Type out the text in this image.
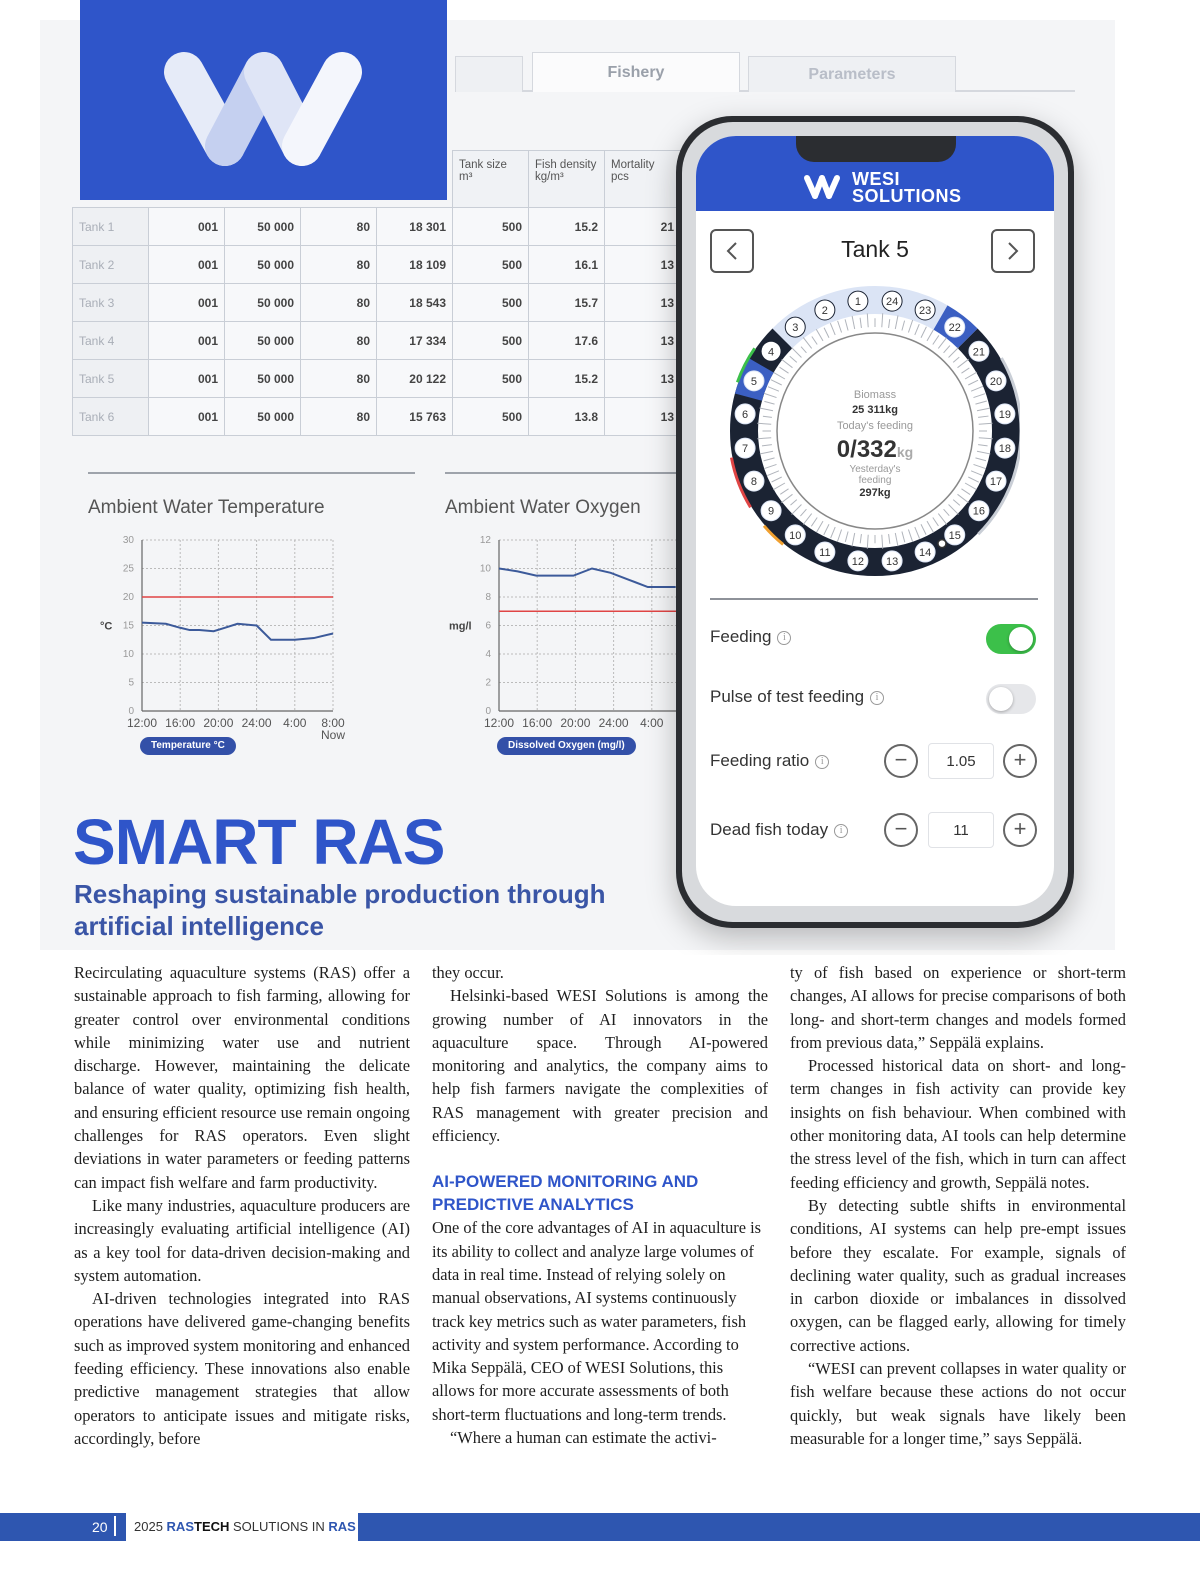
Fishery	Parameters
					Tank size m³	Fish density kg/m³	Mortality pcs
Tank 1	001	50 000	80	18 301	500	15.2	21
Tank 2	001	50 000	80	18 109	500	16.1	13
Tank 3	001	50 000	80	18 543	500	15.7	13
Tank 4	001	50 000	80	17 334	500	17.6	13
Tank 5	001	50 000	80	20 122	500	15.2	13
Tank 6	001	50 000	80	15 763	500	13.8	13
Ambient Water Temperature
0
5
10
15
20
25
30
12:00 16:00 20:00 24:00 4:00 8:00
Now
°C
Temperature °C
Ambient Water Oxygen
0
2
4
6
8
10
12
12:00 16:00 20:00 24:00 4:00
mg/l
Dissolved Oxygen (mg/l)
WESI
SOLUTIONS
Tank 5
1
2
3
4
5
6
7
8
9
10
11
12 13
14
15
16
17
18
19
20
21
22
23
24
Biomass
25 311kg
Today's feeding
0/332kg
Yesterday's
feeding
297kg
Feeding i
Pulse of test feeding i
Feeding ratio i	−	1.05	+
Dead fish today i	−	11	+
SMART RAS
Reshaping sustainable production through artificial intelligence

Recirculating aquaculture systems (RAS) offer a sustainable approach to fish farming, allowing for greater control over environmental conditions while minimizing water use and nutrient discharge. However, maintaining the delicate balance of water quality, optimizing fish health, and ensuring efficient resource use remain ongoing challenges for RAS operators. Even slight deviations in water parameters or feeding patterns can impact fish welfare and farm productivity.

Like many industries, aquaculture producers are increasingly evaluating artificial intelligence (AI) as a key tool for data-driven decision-making and system automation.

AI-driven technologies integrated into RAS operations have delivered game-changing benefits such as improved system monitoring and enhanced feeding efficiency. These innovations also enable predictive management strategies that allow operators to anticipate issues and mitigate risks, accordingly, before

they occur.

Helsinki-based WESI Solutions is among the growing number of AI innovators in the aquaculture space. Through AI-powered monitoring and analytics, the company aims to help fish farmers navigate the complexities of RAS management with greater precision and efficiency.

AI-POWERED MONITORING AND PREDICTIVE ANALYTICS

One of the core advantages of AI in aquaculture is its ability to collect and analyze large volumes of data in real time. Instead of relying solely on manual observations, AI systems continuously track key metrics such as water parameters, fish activity and system performance. According to Mika Seppälä, CEO of WESI Solutions, this allows for more accurate assessments of both short-term fluctuations and long-term trends.

“Where a human can estimate the activi-

ty of fish based on experience or short-term changes, AI allows for precise comparisons of both long- and short-term changes and models formed from previous data,” Seppälä explains.

Processed historical data on short- and long-term changes in fish activity can provide key insights on fish behaviour. When combined with other monitoring data, AI tools can help determine the stress level of the fish, which in turn can affect feeding efficiency and growth, Seppälä notes.

By detecting subtle shifts in environmental conditions, AI systems can help pre-empt issues before they escalate. For example, signals of declining water quality, such as gradual increases in carbon dioxide or imbalances in dissolved oxygen, can be flagged early, allowing for timely corrective actions.

“WESI can prevent collapses in water quality or fish welfare because these actions do not occur quickly, but weak signals have likely been measurable for a longer time,” says Seppälä.

20 2025 RASTECH SOLUTIONS IN RAS
